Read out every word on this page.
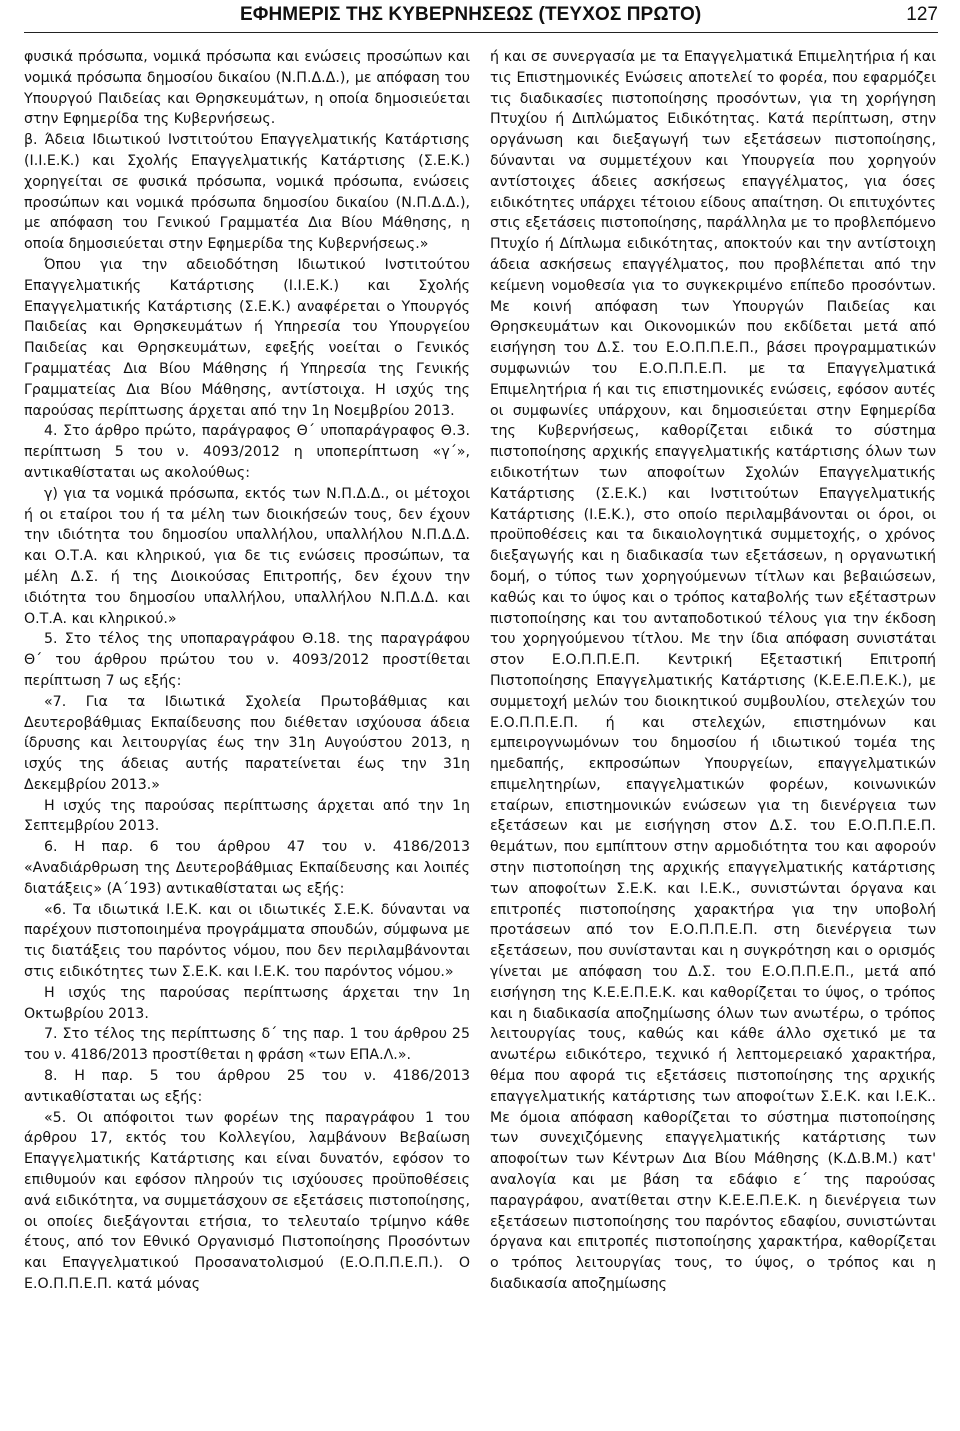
ΕΦΗΜΕΡΙΣ ΤΗΣ ΚΥΒΕΡΝΗΣΕΩΣ (ΤΕΥΧΟΣ ΠΡΩΤΟ)	127

φυσικά πρόσωπα, νομικά πρόσωπα και ενώσεις προσώπων και νομικά πρόσωπα δημοσίου δικαίου (Ν.Π.Δ.Δ.), με απόφαση του Υπουργού Παιδείας και Θρησκευμάτων, η οποία δημοσιεύεται στην Εφημερίδα της Κυβερνήσεως.

β. Άδεια Ιδιωτικού Ινστιτούτου Επαγγελματικής Κατάρτισης (Ι.Ι.Ε.Κ.) και Σχολής Επαγγελματικής Κατάρτισης (Σ.Ε.Κ.) χορηγείται σε φυσικά πρόσωπα, νομικά πρόσωπα, ενώσεις προσώπων και νομικά πρόσωπα δημοσίου δικαίου (Ν.Π.Δ.Δ.), με απόφαση του Γενικού Γραμματέα Δια Βίου Μάθησης, η οποία δημοσιεύεται στην Εφημερίδα της Κυβερνήσεως.»

Όπου για την αδειοδότηση Ιδιωτικού Ινστιτούτου Επαγγελματικής Κατάρτισης (Ι.Ι.Ε.Κ.) και Σχολής Επαγγελματικής Κατάρτισης (Σ.Ε.Κ.) αναφέρεται ο Υπουργός Παιδείας και Θρησκευμάτων ή Υπηρεσία του Υπουργείου Παιδείας και Θρησκευμάτων, εφεξής νοείται ο Γενικός Γραμματέας Δια Βίου Μάθησης ή Υπηρεσία της Γενικής Γραμματείας Δια Βίου Μάθησης, αντίστοιχα. Η ισχύς της παρούσας περίπτωσης άρχεται από την 1η Νοεμβρίου 2013.

4. Στο άρθρο πρώτο, παράγραφος Θ΄ υποπαράγραφος Θ.3. περίπτωση 5 του ν. 4093/2012 η υποπερίπτωση «γ΄», αντικαθίσταται ως ακολούθως:

γ) για τα νομικά πρόσωπα, εκτός των Ν.Π.Δ.Δ., οι μέτοχοι ή οι εταίροι του ή τα μέλη των διοικήσεών τους, δεν έχουν την ιδιότητα του δημοσίου υπαλλήλου, υπαλλήλου Ν.Π.Δ.Δ. και Ο.Τ.Α. και κληρικού, για δε τις ενώσεις προσώπων, τα μέλη Δ.Σ. ή της Διοικούσας Επιτροπής, δεν έχουν την ιδιότητα του δημοσίου υπαλλήλου, υπαλλήλου Ν.Π.Δ.Δ. και Ο.Τ.Α. και κληρικού.»

5. Στο τέλος της υποπαραγράφου Θ.18. της παραγράφου Θ΄ του άρθρου πρώτου του ν. 4093/2012 προστίθεται περίπτωση 7 ως εξής:

«7. Για τα Ιδιωτικά Σχολεία Πρωτοβάθμιας και Δευτεροβάθμιας Εκπαίδευσης που διέθεταν ισχύουσα άδεια ίδρυσης και λειτουργίας έως την 31η Αυγούστου 2013, η ισχύς της άδειας αυτής παρατείνεται έως την 31η Δεκεμβρίου 2013.»

Η ισχύς της παρούσας περίπτωσης άρχεται από την 1η Σεπτεμβρίου 2013.

6. Η παρ. 6 του άρθρου 47 του ν. 4186/2013 «Αναδιάρθρωση της Δευτεροβάθμιας Εκπαίδευσης και λοιπές διατάξεις» (Α΄193) αντικαθίσταται ως εξής:

«6. Τα ιδιωτικά Ι.Ε.Κ. και οι ιδιωτικές Σ.Ε.Κ. δύνανται να παρέχουν πιστοποιημένα προγράμματα σπουδών, σύμφωνα με τις διατάξεις του παρόντος νόμου, που δεν περιλαμβάνονται στις ειδικότητες των Σ.Ε.Κ. και Ι.Ε.Κ. του παρόντος νόμου.»

Η ισχύς της παρούσας περίπτωσης άρχεται την 1η Οκτωβρίου 2013.

7. Στο τέλος της περίπτωσης δ΄ της παρ. 1 του άρθρου 25 του ν. 4186/2013 προστίθεται η φράση «των ΕΠΑ.Λ.».

8. Η παρ. 5 του άρθρου 25 του ν. 4186/2013 αντικαθίσταται ως εξής:

«5. Οι απόφοιτοι των φορέων της παραγράφου 1 του άρθρου 17, εκτός του Κολλεγίου, λαμβάνουν Βεβαίωση Επαγγελματικής Κατάρτισης και είναι δυνατόν, εφόσον το επιθυμούν και εφόσον πληρούν τις ισχύουσες προϋποθέσεις ανά ειδικότητα, να συμμετάσχουν σε εξετάσεις πιστοποίησης, οι οποίες διεξάγονται ετήσια, το τελευταίο τρίμηνο κάθε έτους, από τον Εθνικό Οργανισμό Πιστοποίησης Προσόντων και Επαγγελματικού Προσανατολισμού (Ε.Ο.Π.Π.Ε.Π.). Ο Ε.Ο.Π.Π.Ε.Π. κατά μόνας

ή και σε συνεργασία με τα Επαγγελματικά Επιμελητήρια ή και τις Επιστημονικές Ενώσεις αποτελεί το φορέα, που εφαρμόζει τις διαδικασίες πιστοποίησης προσόντων, για τη χορήγηση Πτυχίου ή Διπλώματος Ειδικότητας. Κατά περίπτωση, στην οργάνωση και διεξαγωγή των εξετάσεων πιστοποίησης, δύνανται να συμμετέχουν και Υπουργεία που χορηγούν αντίστοιχες άδειες ασκήσεως επαγγέλματος, για όσες ειδικότητες υπάρχει τέτοιου είδους απαίτηση. Οι επιτυχόντες στις εξετάσεις πιστοποίησης, παράλληλα με το προβλεπόμενο Πτυχίο ή Δίπλωμα ειδικότητας, αποκτούν και την αντίστοιχη άδεια ασκήσεως επαγγέλματος, που προβλέπεται από την κείμενη νομοθεσία για το συγκεκριμένο επίπεδο προσόντων. Με κοινή απόφαση των Υπουργών Παιδείας και Θρησκευμάτων και Οικονομικών που εκδίδεται μετά από εισήγηση του Δ.Σ. του Ε.Ο.Π.Π.Ε.Π., βάσει προγραμματικών συμφωνιών του Ε.Ο.Π.Π.Ε.Π. με τα Επαγγελματικά Επιμελητήρια ή και τις επιστημονικές ενώσεις, εφόσον αυτές οι συμφωνίες υπάρχουν, και δημοσιεύεται στην Εφημερίδα της Κυβερνήσεως, καθορίζεται ειδικά το σύστημα πιστοποίησης αρχικής επαγγελματικής κατάρτισης όλων των ειδικοτήτων των αποφοίτων Σχολών Επαγγελματικής Κατάρτισης (Σ.Ε.Κ.) και Ινστιτούτων Επαγγελματικής Κατάρτισης (Ι.Ε.Κ.), στο οποίο περιλαμβάνονται οι όροι, οι προϋποθέσεις και τα δικαιολογητικά συμμετοχής, ο χρόνος διεξαγωγής και η διαδικασία των εξετάσεων, η οργανωτική δομή, ο τύπος των χορηγούμενων τίτλων και βεβαιώσεων, καθώς και το ύψος και ο τρόπος καταβολής των εξέταστρων πιστοποίησης και του ανταποδοτικού τέλους για την έκδοση του χορηγούμενου τίτλου. Με την ίδια απόφαση συνιστάται στον Ε.Ο.Π.Π.Ε.Π. Κεντρική Εξεταστική Επιτροπή Πιστοποίησης Επαγγελματικής Κατάρτισης (Κ.Ε.Ε.Π.Ε.Κ.), με συμμετοχή μελών του διοικητικού συμβουλίου, στελεχών του Ε.Ο.Π.Π.Ε.Π. ή και στελεχών, επιστημόνων και εμπειρογνωμόνων του δημοσίου ή ιδιωτικού τομέα της ημεδαπής, εκπροσώπων Υπουργείων, επαγγελματικών επιμελητηρίων, επαγγελματικών φορέων, κοινωνικών εταίρων, επιστημονικών ενώσεων για τη διενέργεια των εξετάσεων και με εισήγηση στον Δ.Σ. του Ε.Ο.Π.Π.Ε.Π. θεμάτων, που εμπίπτουν στην αρμοδιότητα του και αφορούν στην πιστοποίηση της αρχικής επαγγελματικής κατάρτισης των αποφοίτων Σ.Ε.Κ. και Ι.Ε.Κ., συνιστώνται όργανα και επιτροπές πιστοποίησης χαρακτήρα για την υποβολή προτάσεων από τον Ε.Ο.Π.Π.Ε.Π. στη διενέργεια των εξετάσεων, που συνίστανται και η συγκρότηση και ο ορισμός γίνεται με απόφαση του Δ.Σ. του Ε.Ο.Π.Π.Ε.Π., μετά από εισήγηση της Κ.Ε.Ε.Π.Ε.Κ. και καθορίζεται το ύψος, ο τρόπος και η διαδικασία αποζημίωσης όλων των ανωτέρω, ο τρόπος λειτουργίας τους, καθώς και κάθε άλλο σχετικό με τα ανωτέρω ειδικότερο, τεχνικό ή λεπτομερειακό χαρακτήρα, θέμα που αφορά τις εξετάσεις πιστοποίησης της αρχικής επαγγελματικής κατάρτισης των αποφοίτων Σ.Ε.Κ. και Ι.Ε.Κ.. Με όμοια απόφαση καθορίζεται το σύστημα πιστοποίησης των συνεχιζόμενης επαγγελματικής κατάρτισης των αποφοίτων των Κέντρων Δια Βίου Μάθησης (Κ.Δ.Β.Μ.) κατ' αναλογία και με βάση τα εδάφιο ε΄ της παρούσας παραγράφου, ανατίθεται στην Κ.Ε.Ε.Π.Ε.Κ. η διενέργεια των εξετάσεων πιστοποίησης του παρόντος εδαφίου, συνιστώνται όργανα και επιτροπές πιστοποίησης χαρακτήρα, καθορίζεται ο τρόπος λειτουργίας τους, το ύψος, ο τρόπος και η διαδικασία αποζημίωσης
